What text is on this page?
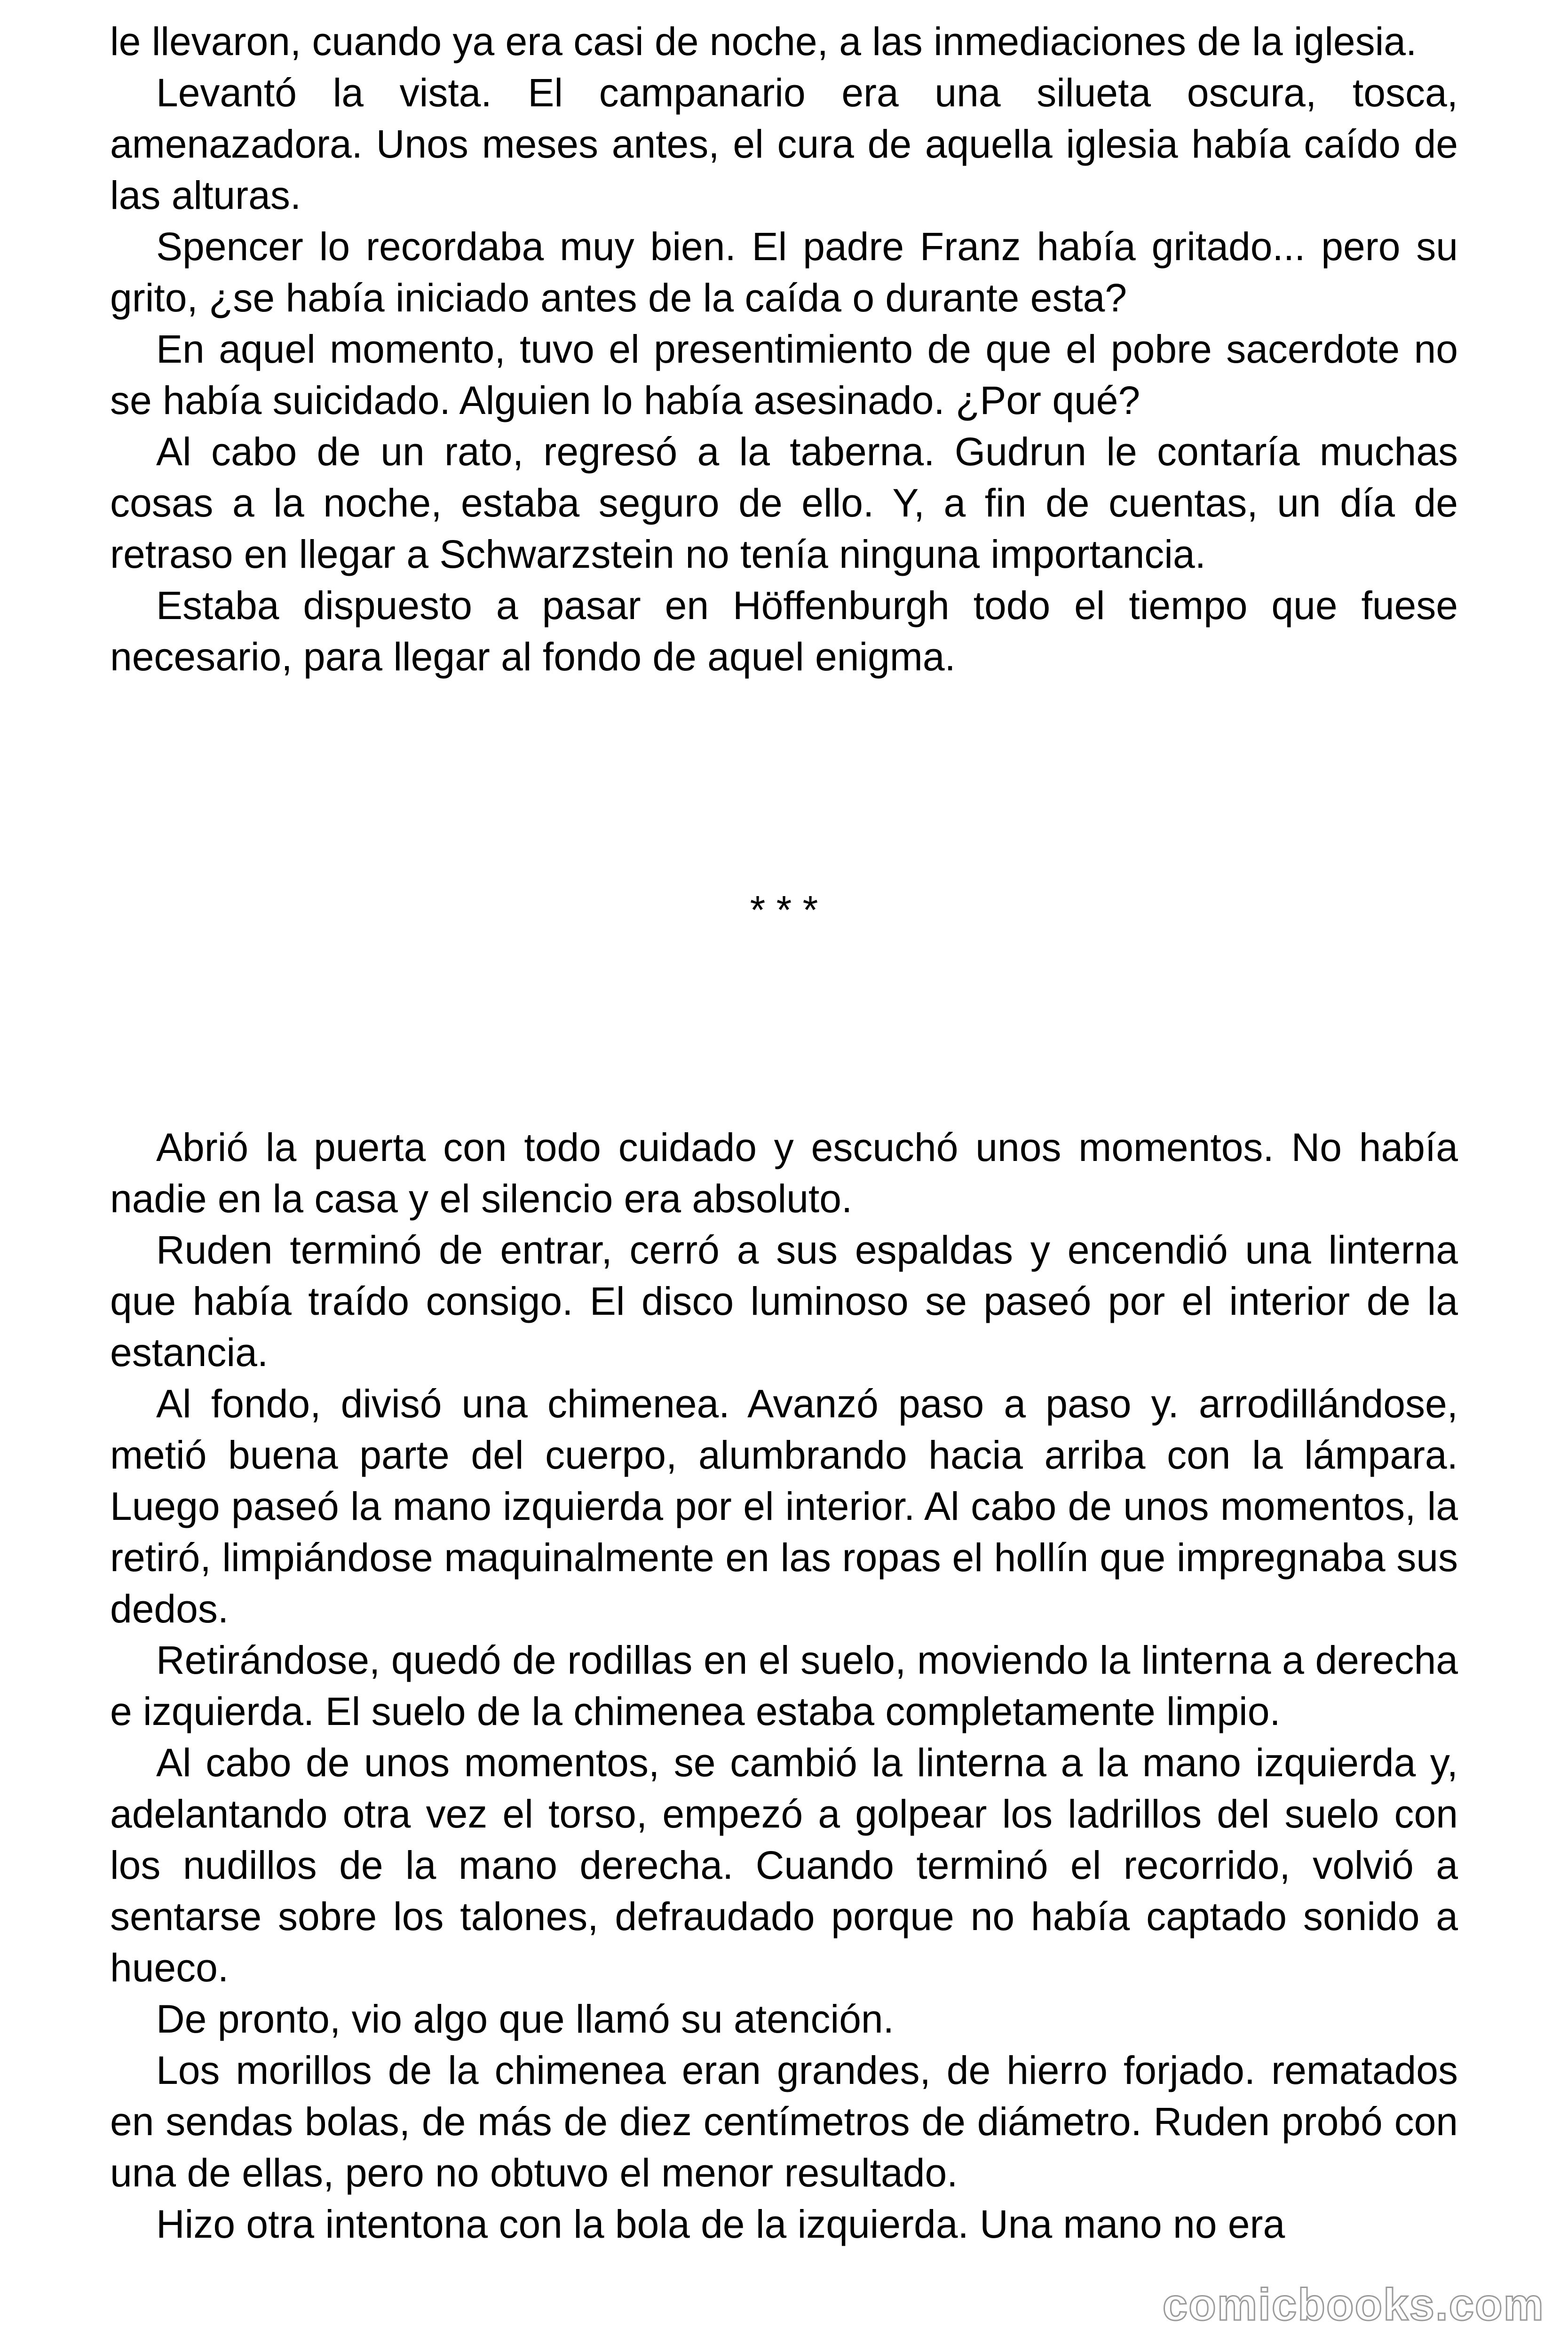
le llevaron, cuando ya era casi de noche, a las inmediaciones de la iglesia.

Levantó la vista. El campanario era una silueta oscura, tosca, amenazadora. Unos meses antes, el cura de aquella iglesia había caído de las alturas.

Spencer lo recordaba muy bien. El padre Franz había gritado... pero su grito, ¿se había iniciado antes de la caída o durante esta?

En aquel momento, tuvo el presentimiento de que el pobre sacerdote no se había suicidado. Alguien lo había asesinado. ¿Por qué?

Al cabo de un rato, regresó a la taberna. Gudrun le contaría muchas cosas a la noche, estaba seguro de ello. Y, a fin de cuentas, un día de retraso en llegar a Schwarzstein no tenía ninguna importancia.

Estaba dispuesto a pasar en Höffenburgh todo el tiempo que fuese necesario, para llegar al fondo de aquel enigma.

* * *

Abrió la puerta con todo cuidado y escuchó unos momentos. No había nadie en la casa y el silencio era absoluto.

Ruden terminó de entrar, cerró a sus espaldas y encendió una linterna que había traído consigo. El disco luminoso se paseó por el interior de la estancia.

Al fondo, divisó una chimenea. Avanzó paso a paso y. arrodillándose, metió buena parte del cuerpo, alumbrando hacia arriba con la lámpara. Luego paseó la mano izquierda por el interior. Al cabo de unos momentos, la retiró, limpiándose maquinalmente en las ropas el hollín que impregnaba sus dedos.

Retirándose, quedó de rodillas en el suelo, moviendo la linterna a derecha e izquierda. El suelo de la chimenea estaba completamente limpio.

Al cabo de unos momentos, se cambió la linterna a la mano izquierda y, adelantando otra vez el torso, empezó a golpear los ladrillos del suelo con los nudillos de la mano derecha. Cuando terminó el recorrido, volvió a sentarse sobre los talones, defraudado porque no había captado sonido a hueco.

De pronto, vio algo que llamó su atención.

Los morillos de la chimenea eran grandes, de hierro forjado. rematados en sendas bolas, de más de diez centímetros de diámetro. Ruden probó con una de ellas, pero no obtuvo el menor resultado.

Hizo otra intentona con la bola de la izquierda. Una mano no era

comicbooks.com
